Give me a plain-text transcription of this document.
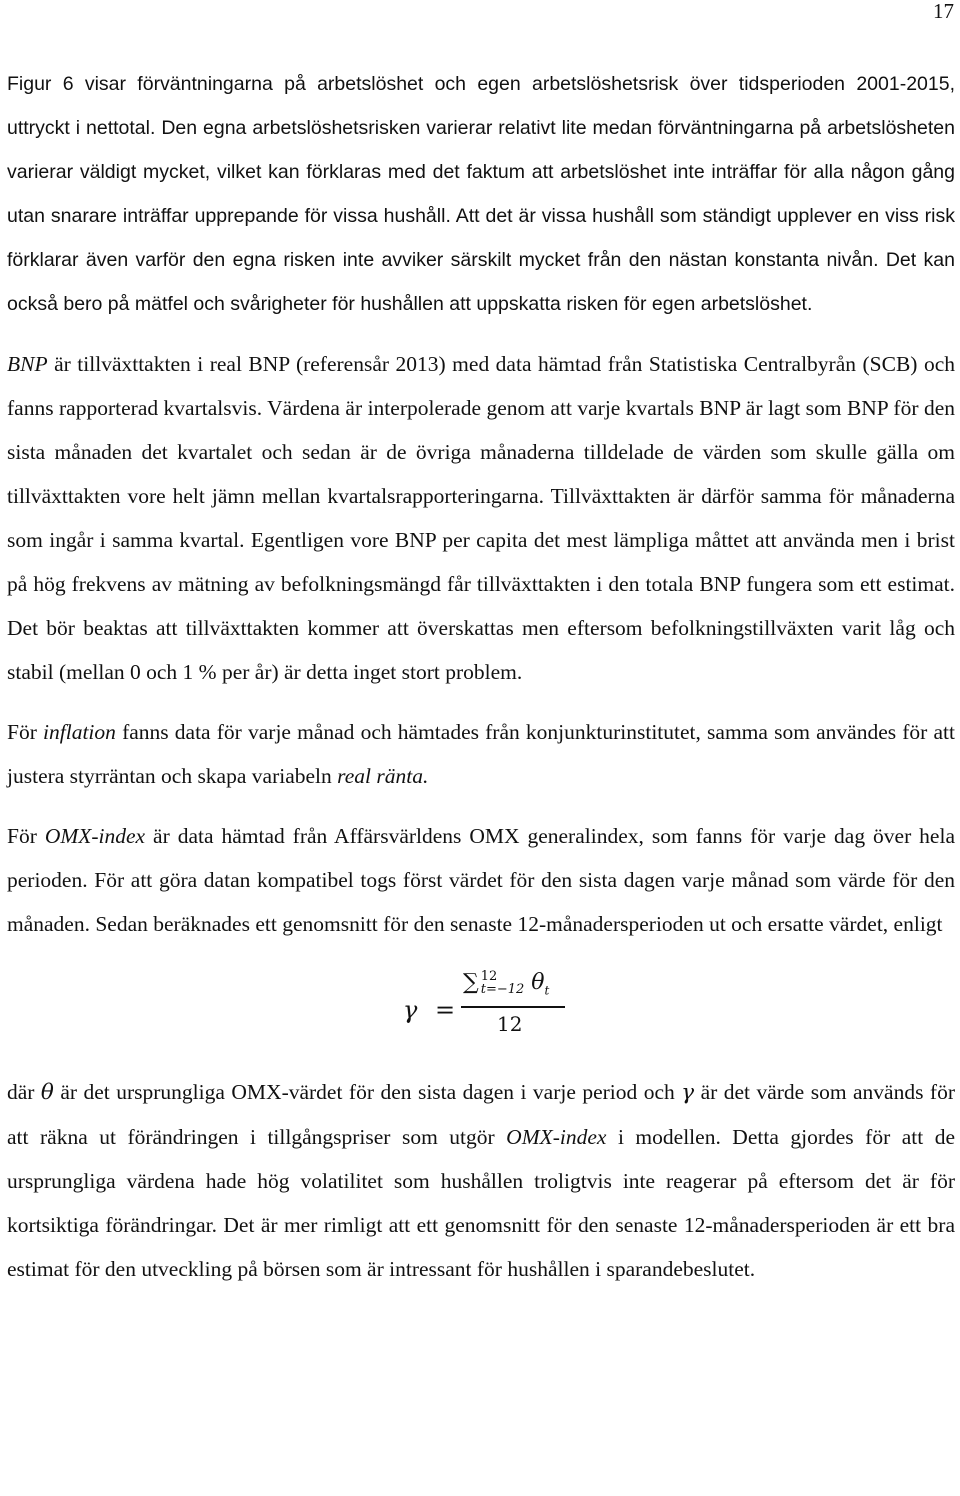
17

Figur 6 visar förväntningarna på arbetslöshet och egen arbetslöshetsrisk över tidsperioden 2001-2015, uttryckt i nettotal. Den egna arbetslöshetsrisken varierar relativt lite medan förväntningarna på arbetslösheten varierar väldigt mycket, vilket kan förklaras med det faktum att arbetslöshet inte inträffar för alla någon gång utan snarare inträffar upprepande för vissa hushåll. Att det är vissa hushåll som ständigt upplever en viss risk förklarar även varför den egna risken inte avviker särskilt mycket från den nästan konstanta nivån. Det kan också bero på mätfel och svårigheter för hushållen att uppskatta risken för egen arbetslöshet.

BNP är tillväxttakten i real BNP (referensår 2013) med data hämtad från Statistiska Centralbyrån (SCB) och fanns rapporterad kvartalsvis. Värdena är interpolerade genom att varje kvartals BNP är lagt som BNP för den sista månaden det kvartalet och sedan är de övriga månaderna tilldelade de värden som skulle gälla om tillväxttakten vore helt jämn mellan kvartalsrapporteringarna. Tillväxttakten är därför samma för månaderna som ingår i samma kvartal. Egentligen vore BNP per capita det mest lämpliga måttet att använda men i brist på hög frekvens av mätning av befolkningsmängd får tillväxttakten i den totala BNP fungera som ett estimat. Det bör beaktas att tillväxttakten kommer att överskattas men eftersom befolkningstillväxten varit låg och stabil (mellan 0 och 1 % per år) är detta inget stort problem.

För inflation fanns data för varje månad och hämtades från konjunkturinstitutet, samma som användes för att justera styrräntan och skapa variabeln real ränta.

För OMX-index är data hämtad från Affärsvärldens OMX generalindex, som fanns för varje dag över hela perioden. För att göra datan kompatibel togs först värdet för den sista dagen varje månad som värde för den månaden. Sedan beräknades ett genomsnitt för den senaste 12-månadersperioden ut och ersatte värdet, enligt

γ =
∑ 12
t=−12 $\theta_t$
12

där θ är det ursprungliga OMX-värdet för den sista dagen i varje period och γ är det värde som används för att räkna ut förändringen i tillgångspriser som utgör OMX-index i modellen. Detta gjordes för att de ursprungliga värdena hade hög volatilitet som hushållen troligtvis inte reagerar på eftersom det är för kortsiktiga förändringar. Det är mer rimligt att ett genomsnitt för den senaste 12-månadersperioden är ett bra estimat för den utveckling på börsen som är intressant för hushållen i sparandebeslutet.
